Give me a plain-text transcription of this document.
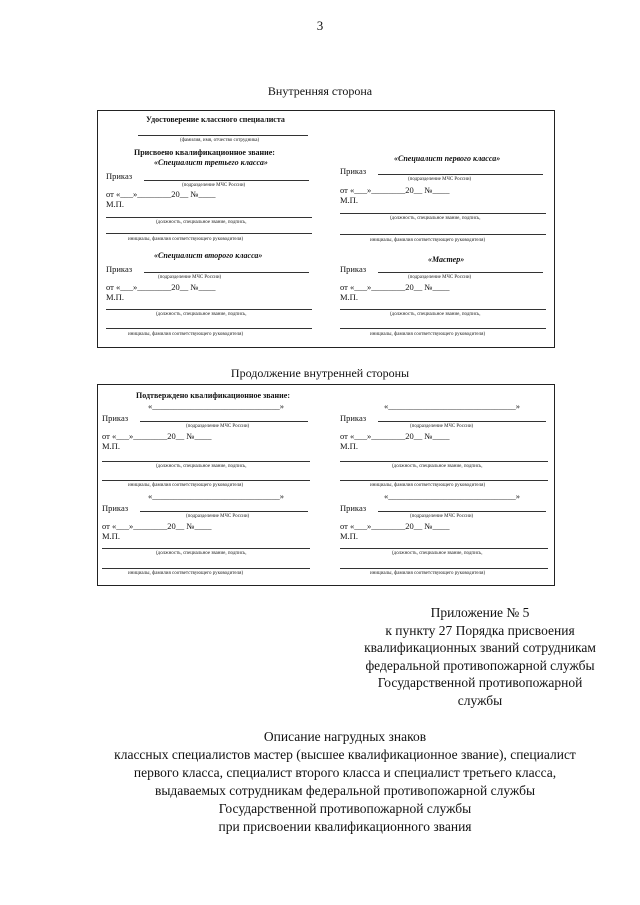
3
Внутренняя сторона
Удостоверение классного специалиста
(фамилия, имя, отчество сотрудника)
Присвоено квалификационное звание:
«Специалист третьего класса»
Приказ
(подразделение МЧС России)
от «___»________20__ №____
М.П.
(должность, специальное звание, подпись,
инициалы, фамилия соответствующего руководителя)
«Специалист первого класса»
Приказ
(подразделение МЧС России)
от «___»________20__ №____
М.П.
(должность, специальное звание, подпись,
инициалы, фамилия соответствующего руководителя)
«Специалист второго класса»
Приказ
(подразделение МЧС России)
от «___»________20__ №____
М.П.
(должность, специальное звание, подпись,
инициалы, фамилия соответствующего руководителя)
«Мастер»
Приказ
(подразделение МЧС России)
от «___»________20__ №____
М.П.
(должность, специальное звание, подпись,
инициалы, фамилия соответствующего руководителя)
Продолжение внутренней стороны
Подтверждено квалификационное звание:
«______________________________»
Приказ
(подразделение МЧС России)
от «___»________20__ №____
М.П.
(должность, специальное звание, подпись,
инициалы, фамилия соответствующего руководителя)
«______________________________»
Приказ
(подразделение МЧС России)
от «___»________20__ №____
М.П.
(должность, специальное звание, подпись,
инициалы, фамилия соответствующего руководителя)
«______________________________»
Приказ
(подразделение МЧС России)
от «___»________20__ №____
М.П.
(должность, специальное звание, подпись,
инициалы, фамилия соответствующего руководителя)
«______________________________»
Приказ
(подразделение МЧС России)
от «___»________20__ №____
М.П.
(должность, специальное звание, подпись,
инициалы, фамилия соответствующего руководителя)
Приложение № 5
к пункту 27 Порядка присвоения
квалификационных званий сотрудникам
федеральной противопожарной службы
Государственной противопожарной
службы
Описание нагрудных знаков
классных специалистов мастер (высшее квалификационное звание), специалист
первого класса, специалист второго класса и специалист третьего класса,
выдаваемых сотрудникам федеральной противопожарной службы
Государственной противопожарной службы
при присвоении квалификационного звания
